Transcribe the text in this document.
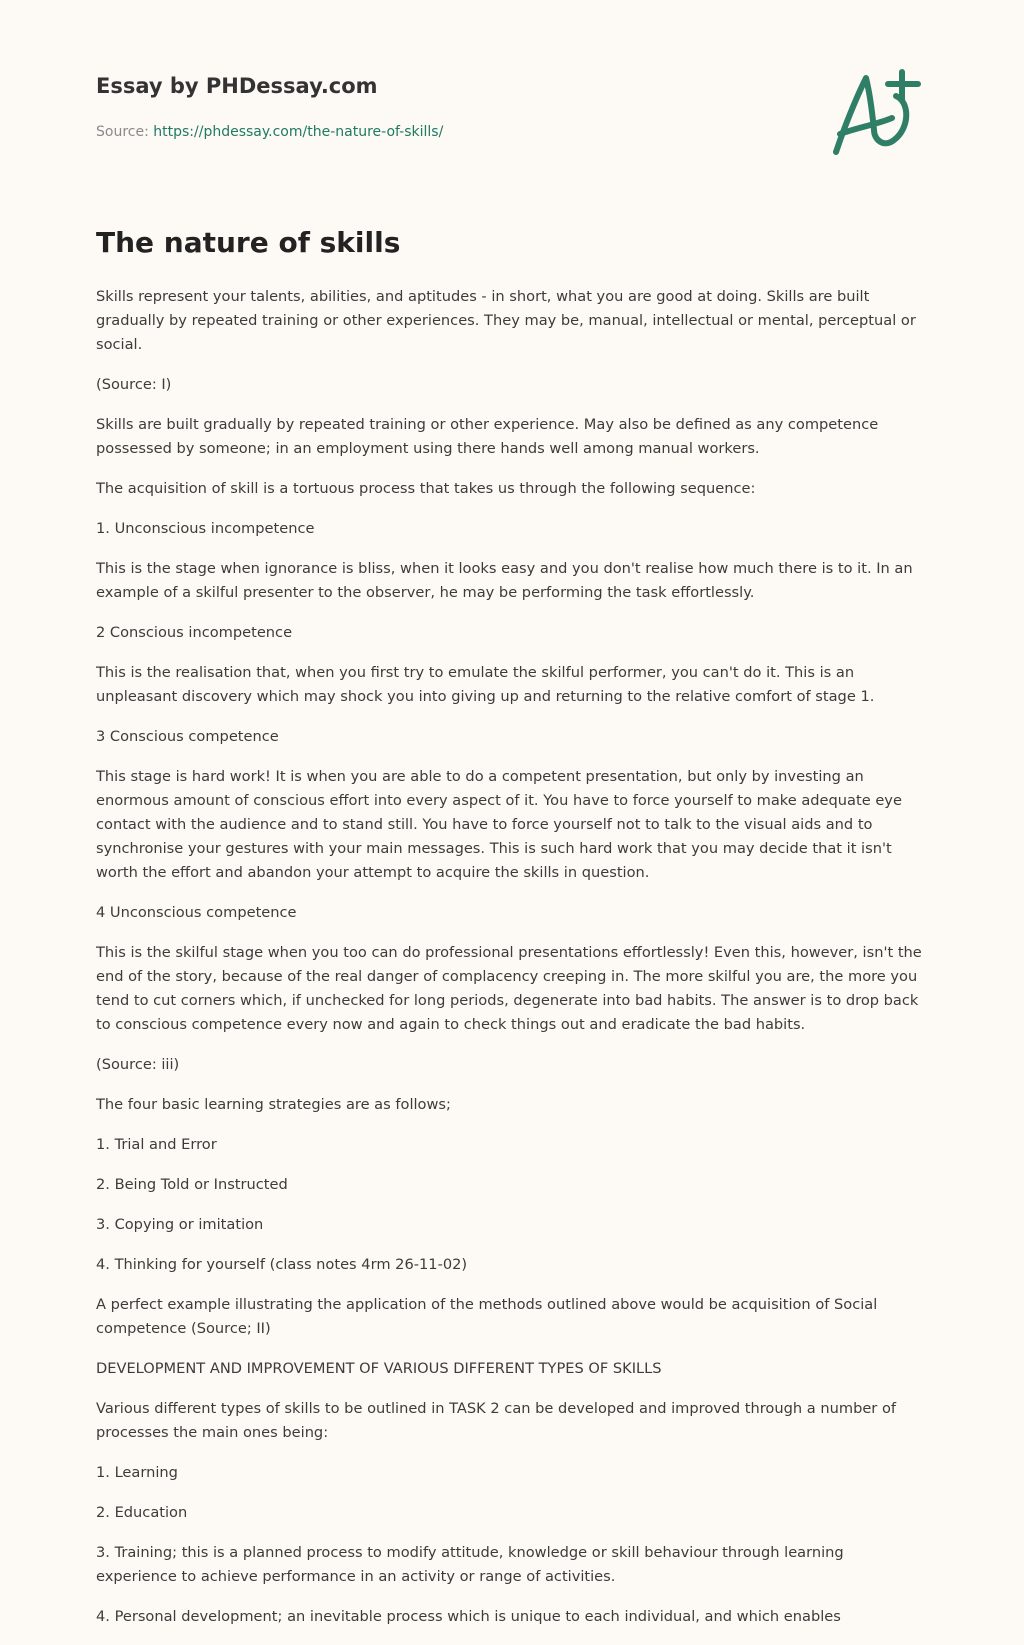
Essay by PHDessay.com
Source: https://phdessay.com/the-nature-of-skills/
The nature of skills

Skills represent your talents, abilities, and aptitudes - in short, what you are good at doing. Skills are built gradually by repeated training or other experiences. They may be, manual, intellectual or mental, perceptual or social.

(Source: I)

Skills are built gradually by repeated training or other experience. May also be defined as any competence possessed by someone; in an employment using there hands well among manual workers.

The acquisition of skill is a tortuous process that takes us through the following sequence:

1. Unconscious incompetence

This is the stage when ignorance is bliss, when it looks easy and you don't realise how much there is to it. In an example of a skilful presenter to the observer, he may be performing the task effortlessly.

2 Conscious incompetence

This is the realisation that, when you first try to emulate the skilful performer, you can't do it. This is an unpleasant discovery which may shock you into giving up and returning to the relative comfort of stage 1.

3 Conscious competence

This stage is hard work! It is when you are able to do a competent presentation, but only by investing an enormous amount of conscious effort into every aspect of it. You have to force yourself to make adequate eye contact with the audience and to stand still. You have to force yourself not to talk to the visual aids and to synchronise your gestures with your main messages. This is such hard work that you may decide that it isn't worth the effort and abandon your attempt to acquire the skills in question.

4 Unconscious competence

This is the skilful stage when you too can do professional presentations effortlessly! Even this, however, isn't the end of the story, because of the real danger of complacency creeping in. The more skilful you are, the more you tend to cut corners which, if unchecked for long periods, degenerate into bad habits. The answer is to drop back to conscious competence every now and again to check things out and eradicate the bad habits.

(Source: iii)

The four basic learning strategies are as follows;

1. Trial and Error

2. Being Told or Instructed

3. Copying or imitation

4. Thinking for yourself (class notes 4rm 26-11-02)

A perfect example illustrating the application of the methods outlined above would be acquisition of Social competence (Source; II)

DEVELOPMENT AND IMPROVEMENT OF VARIOUS DIFFERENT TYPES OF SKILLS

Various different types of skills to be outlined in TASK 2 can be developed and improved through a number of processes the main ones being:

1. Learning

2. Education

3. Training; this is a planned process to modify attitude, knowledge or skill behaviour through learning experience to achieve performance in an activity or range of activities.

4. Personal development; an inevitable process which is unique to each individual, and which enables
